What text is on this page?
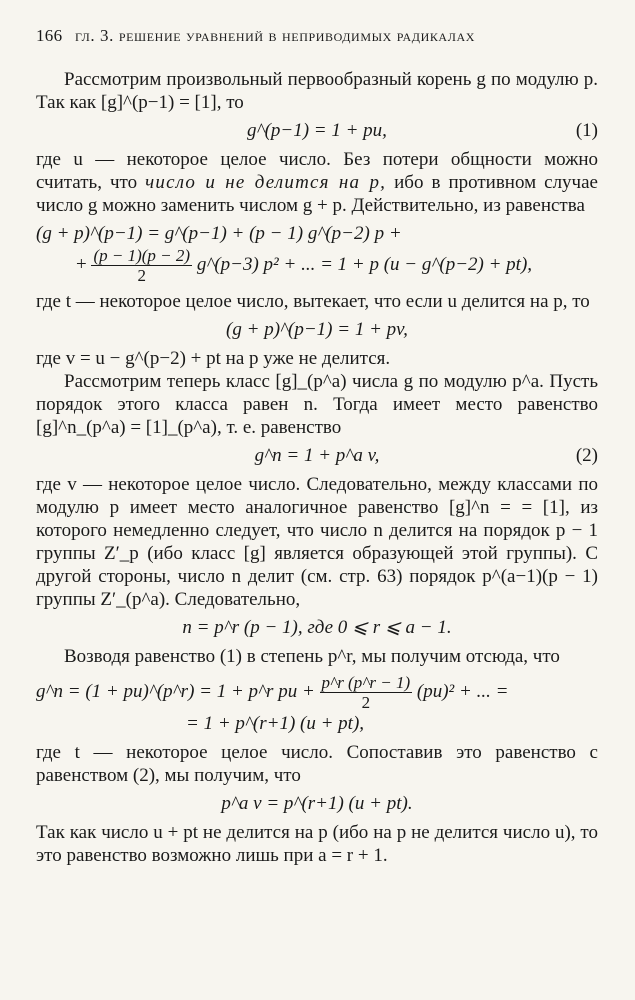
166 гл. 3. решение уравнений в неприводимых радикалах

Рассмотрим произвольный первообразный корень g по модулю p. Так как [g]^(p−1) = [1], то

g^(p−1) = 1 + pu,	(1)

где u — некоторое целое число. Без потери общности можно считать, что число u не делится на p, ибо в противном случае число g можно заменить числом g + p. Действительно, из равенства

(g + p)^(p−1) = g^(p−1) + (p − 1) g^(p−2) p +
+ $\frac{(p - 1)(p - 2)}{2}$ g^(p−3) p² + ... = 1 + p (u − g^(p−2) + pt),

где t — некоторое целое число, вытекает, что если u делится на p, то

(g + p)^(p−1) = 1 + pv,

где v = u − g^(p−2) + pt на p уже не делится.

Рассмотрим теперь класс [g]_(p^a) числа g по модулю p^a. Пусть порядок этого класса равен n. Тогда имеет место равенство [g]^n_(p^a) = [1]_(p^a), т. е. равенство

g^n = 1 + p^a v,	(2)

где v — некоторое целое число. Следовательно, между классами по модулю p имеет место аналогичное равенство [g]^n = = [1], из которого немедленно следует, что число n делится на порядок p − 1 группы Z′_p (ибо класс [g] является образующей этой группы). С другой стороны, число n делит (см. стр. 63) порядок p^(a−1)(p − 1) группы Z′_(p^a). Следовательно,

n = p^r (p − 1), где 0 ⩽ r ⩽ a − 1.

Возводя равенство (1) в степень p^r, мы получим отсюда, что

g^n = (1 + pu)^(p^r) = 1 + p^r pu + $\frac{p\^{}r (p\^{}r - 1)}{2} (pu)^2$ + ... =
= 1 + p^(r+1) (u + pt),

где t — некоторое целое число. Сопоставив это равенство с равенством (2), мы получим, что

p^a v = p^(r+1) (u + pt).

Так как число u + pt не делится на p (ибо на p не делится число u), то это равенство возможно лишь при a = r + 1.
